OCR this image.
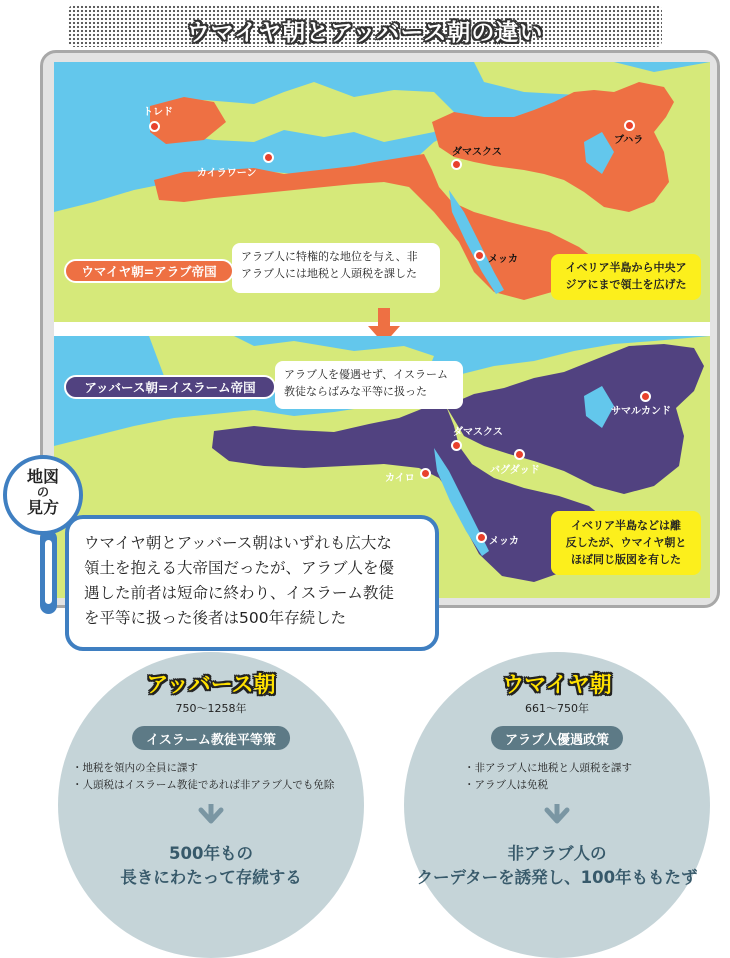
ウマイヤ朝とアッバース朝の違い
トレド
カイラワーン
ダマスクス
ブハラ
メッカ
ウマイヤ朝=アラブ帝国
アラブ人に特権的な地位を与え、非
アラブ人には地税と人頭税を課した	イベリア半島から中央ア
ジアにまで領土を広げた
サマルカンド
ダマスクス
バグダッド
カイロ
メッカ
アッバース朝=イスラーム帝国
アラブ人を優遇せず、イスラーム
教徒ならばみな平等に扱った
イベリア半島などは離
反したが、ウマイヤ朝と
ほぼ同じ版図を有した
ウマイヤ朝とアッバース朝はいずれも広大な
領土を抱える大帝国だったが、アラブ人を優
遇した前者は短命に終わり、イスラーム教徒
を平等に扱った後者は500年存続した
地図
の
見方
アッバース朝
750〜1258年
イスラーム教徒平等策
・地税を領内の全員に課す
・人頭税はイスラーム教徒であれば非アラブ人でも免除
500年もの
長きにわたって存続する
ウマイヤ朝
661〜750年
アラブ人優遇政策
・非アラブ人に地税と人頭税を課す
・アラブ人は免税
非アラブ人の
クーデターを誘発し、100年ももたず
